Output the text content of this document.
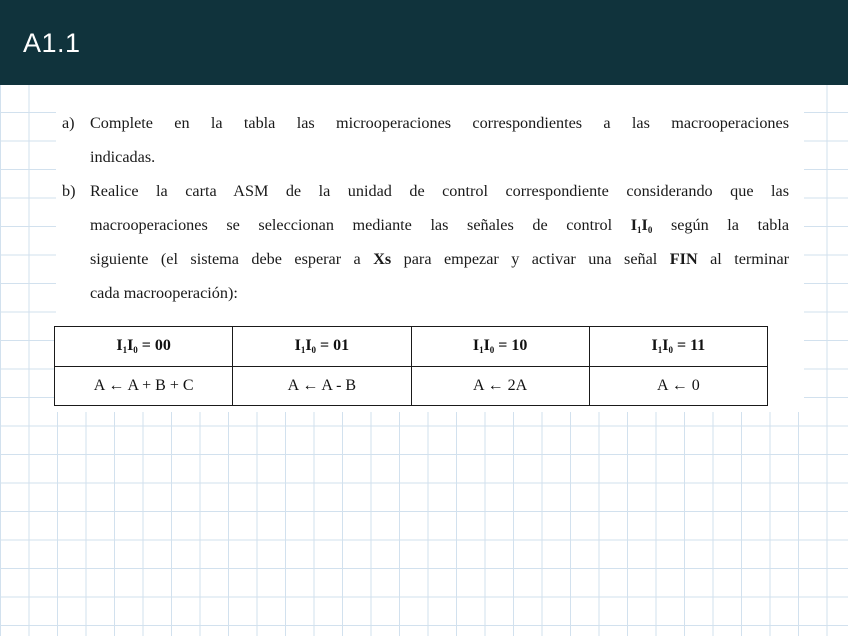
A1.1
a) Complete en la tabla las microoperaciones correspondientes a las macrooperaciones
indicadas.
b) Realice la carta ASM de la unidad de control correspondiente considerando que las
macrooperaciones se seleccionan mediante las señales de control $I_1I_0$ según la tabla
siguiente (el sistema debe esperar a Xs para empezar y activar una señal FIN al terminar
cada macrooperación):
$I_1I_0 = 00$	$I_1I_0 = 01$	$I_1I_0 = 10$	$I_1I_0 = 11$
A ← A + B + C	A ← A - B	A ← 2A	A ← 0
